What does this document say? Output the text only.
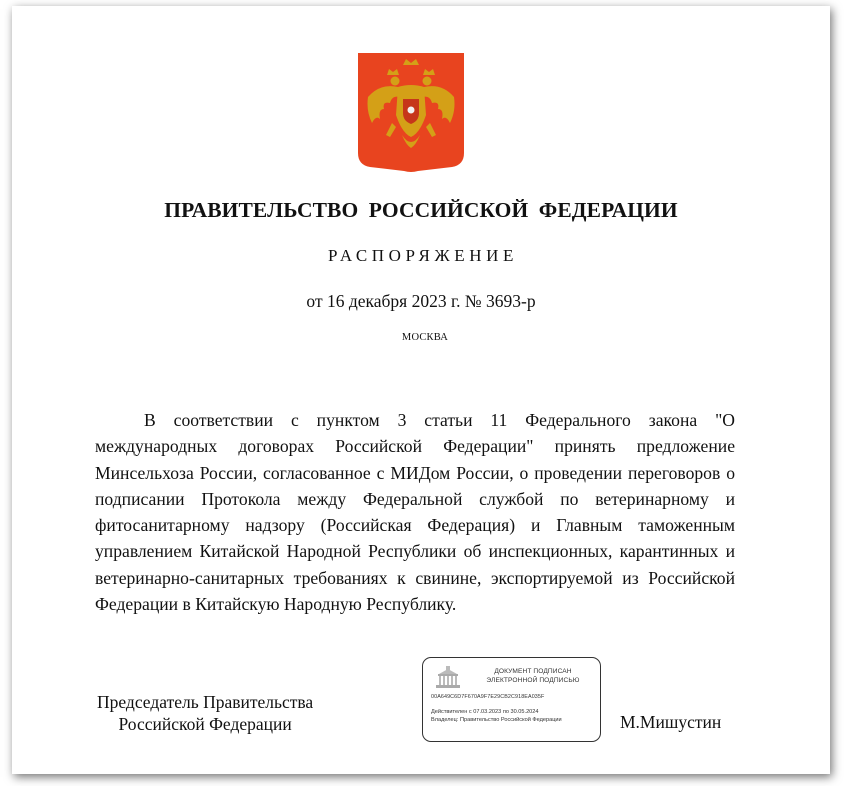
ПРАВИТЕЛЬСТВО РОССИЙСКОЙ ФЕДЕРАЦИИ
РАСПОРЯЖЕНИЕ
от 16 декабря 2023 г. № 3693-р
МОСКВА

В соответствии с пунктом 3 статьи 11 Федерального закона "О международных договорах Российской Федерации" принять предложение Минсельхоза России, согласованное с МИДом России, о проведении переговоров о подписании Протокола между Федеральной службой по ветеринарному и фитосанитарному надзору (Российская Федерация) и Главным таможенным управлением Китайской Народной Республики об инспекционных, карантинных и ветеринарно-санитарных требованиях к свинине, экспортируемой из Российской Федерации в Китайскую Народную Республику.

Председатель Правительства
Российской Федерации
ДОКУМЕНТ ПОДПИСАН
ЭЛЕКТРОННОЙ ПОДПИСЬЮ
00A649C6D7F670A9F7E29CB2C918EA035F
Действителен с 07.03.2023 по 30.05.2024
Владелец: Правительство Российской Федерации	М.Мишустин
